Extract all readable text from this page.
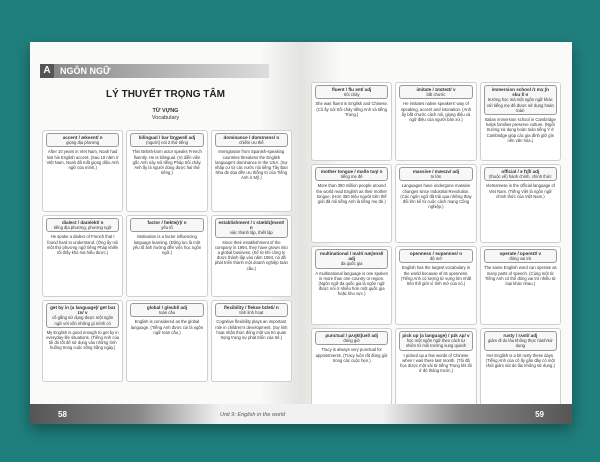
A	NGÔN NGỮ
LÝ THUYẾT TRỌNG TÂM
TỪ VỰNG
Vocabulary
accent / æksent/ n
giọng địa phương
After 10 years in Viet Nam, Noah had lost his English accent. (Sau 10 năm ở Việt Nam, Noah đã mất giọng điệu Anh ngữ của mình.)
bilingual / bar lɪŋgwəl/ adj
(người) nói 2 thứ tiếng
This British-born actor speaks French fluently. He is bilingual. (Vị diễn viên gốc Anh này nói tiếng Pháp trôi chảy. Anh ấy là người dùng được hai thứ tiếng.)
dominance / dɒmɪnəns/ n
chiếm ưu thế
Immigration from Spanish-speaking countries threatens the English language's dominance in the USA. (Sự nhập cư từ các nước nói tiếng Tây Ban Nha đe dọa đến ưu thống trị của Tiếng Anh ở Mỹ.)
dialect / daɪəlekt/ n
tiếng địa phương, phương ngữ
He spoke a dialect of French that I found hard to understand. (Ông ấy nói một thứ phương ngữ tiếng Pháp khiến tôi thấy khó mà hiểu được.)
factor / fæktə(r)/ n
yếu tố
Motivation is a factor influencing language learning. (Động lực là một yếu tố ảnh hưởng đến việc học ngôn ngữ.)
establishment / ɪ stæblɪʃmənt/ n
việc thành lập, thiết lập
Since their establishment of the company in 1994, they have grown into a global business. (Kể từ khi công ty được thành lập vào năm 1994, nó đã phát triển thành một doanh nghiệp toàn cầu.)
get by in (a language)/ get baɪ ɪn/ v
cố gắng sử dụng được một ngôn ngữ với vốn những gì mình có
My English is good enough to get by in everyday-life situations. (Tiếng Anh của tôi đủ tốt để sử dụng vào những tình huống trong cuộc sống hằng ngày.)
global / ɡləʊbl/ adj
toàn cầu
English is considered as the global language. (Tiếng Anh được coi là ngôn ngữ toàn cầu.)
flexibility / fleksə bɪləti/ n
tính linh hoạt
Cognitive flexibility plays an important role in children's development. (Sự linh hoạt nhận thức đóng một vai trò quan trọng trong sự phát triển của trẻ.)
58	Unit 9: English in the world
fluent / flu ənt/ adj
trôi chảy
She was fluent in English and Chinese. (Cô ấy nói trôi chảy tiếng Anh và tiếng Trung.)
imitate / ɪmɪteɪt/ v
bắt chước
He imitates native speakers' way of speaking, accent and intonation. (Anh ấy bắt chước cách nói, giọng điệu và ngữ điệu của người bản xứ.)
immersion school /ɪ mɜːʃn skuːl/ n
trường học mà một ngôn ngữ khác với tiếng mẹ đẻ được sử dụng hoàn toàn
Italian immersion school in Cambridge helps families preserve culture. (Ngôi trường sử dụng hoàn toàn tiếng Ý ở Cambridge giúp các gia đình giữ gìn nền văn hóa.)
mother tongue / mʌðə tʌŋ/ n
tiếng mẹ đẻ
More than 350 million people around the world read English as their mother tongue. (Hơn 350 triệu người trên thế giới đã nói tiếng Anh là tiếng mẹ đẻ.)
massive / mæsɪv/ adj
to lớn
Languages have undergone massive changes since Industrial Revolution. (Các ngôn ngữ đã trải qua những thay đổi lớn kể từ cuộc cách mạng Công nghiệp.)
official / ə fɪʃl/ adj
(thuộc về) hành chính, chính thức
Vietnamese is the official language of Viet Nam. (Tiếng Việt là ngôn ngữ chính thức của Việt Nam.)
multinational / mʌlti næʃənəl/ adj
đa quốc gia
A multinational language is one spoken in more than one country or region. (Ngôn ngữ đa quốc gia là ngôn ngữ được nói ở nhiều hơn một quốc gia hoặc khu vực.)
openness / əʊpənnəs/ n
độ mở
English has the largest vocabulary in the world because of its openness. (Tiếng Anh có lượng từ vựng lớn nhất trên thế giới vì tính mở của nó.)
operate / ɒpəreɪt/ v
đóng vai trò
The same English word can operate as many parts of speech. (Cùng một từ Tiếng Anh có thể đóng vai trò nhiều từ loại khác nhau.)
punctual / pʌŋktʃuəl/ adj
đúng giờ
Tracy is always very punctual for appointments. (Tracy luôn rất đúng giờ trong các cuộc hẹn.)
pick up (a language) / pɪk ʌp/ v
học một ngôn ngữ theo cách tự nhiên từ môi trường xung quanh
I picked up a few words of Chinese when I was there last month. (Tôi đã học được một vài từ tiếng Trung khi tôi ở đó tháng trước.)
rusty / rʌsti/ adj
giảm đi do lâu không thực hành/sử dụng
Her English is a bit rusty these days. (Tiếng Anh của cô ấy gần đây có một chút giảm sút do lâu không sử dụng.)
59
